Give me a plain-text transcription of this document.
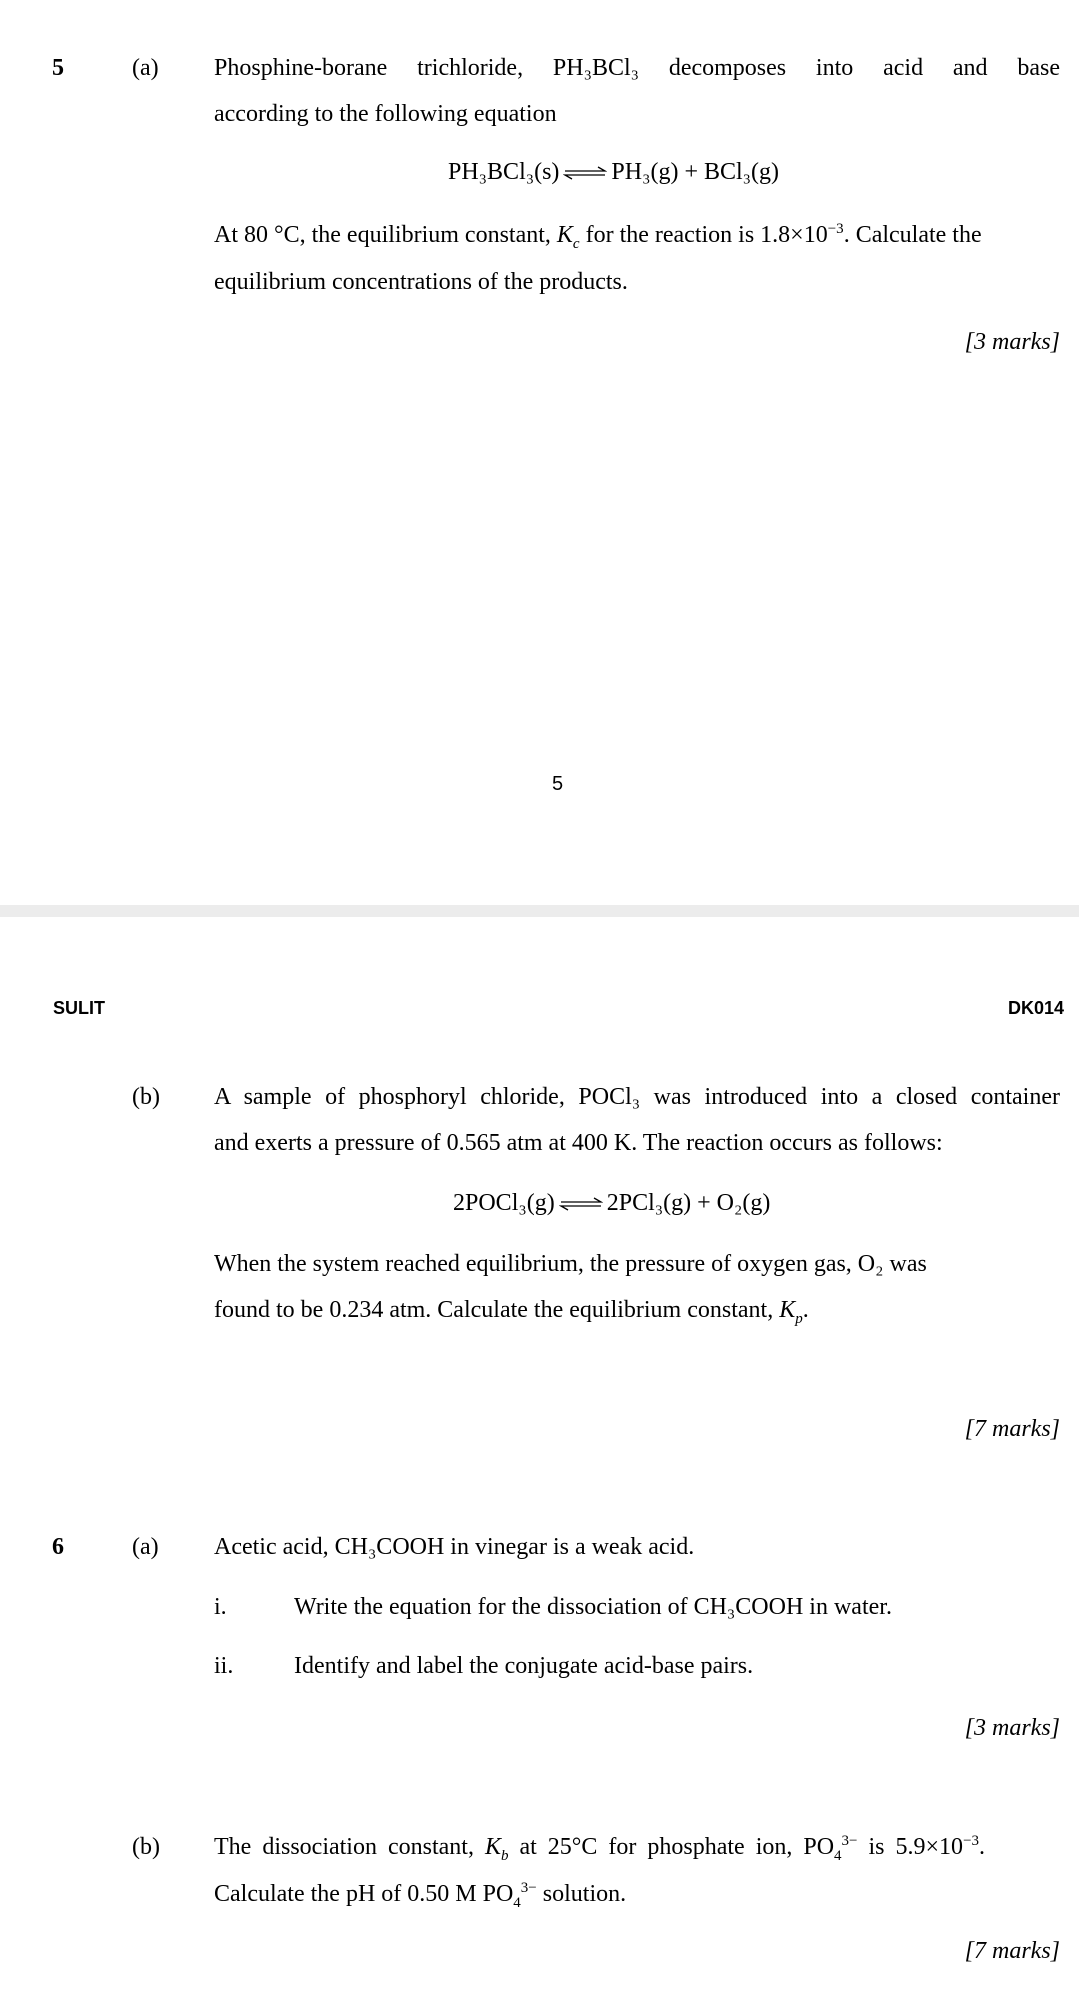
5	(a) Phosphine-borane trichloride, PH₃BCl₃ decomposes into acid and base
according to the following equation
PH₃BCl₃(s) ⇌ PH₃(g) + BCl₃(g)
At 80 °C, the equilibrium constant, $K_c$ for the reaction is $1.8\times 10^{-3}$. Calculate the
equilibrium concentrations of the products.
[3 marks]
5
SULIT	DK014
(b) A sample of phosphoryl chloride, POCl₃ was introduced into a closed container
and exerts a pressure of 0.565 atm at 400 K. The reaction occurs as follows:
2POCl₃(g) ⇌ 2PCl₃(g) + O₂(g)
When the system reached equilibrium, the pressure of oxygen gas, O₂ was
found to be 0.234 atm. Calculate the equilibrium constant, $K_p$.
[7 marks]
6	(a) Acetic acid, CH₃COOH in vinegar is a weak acid.
i.	Write the equation for the dissociation of CH₃COOH in water.
ii.	Identify and label the conjugate acid-base pairs.
[3 marks]
(b) The dissociation constant, $K_b$ at 25°C for phosphate ion, $PO_4^{3-}$ is $5.9\times 10^{-3}$.
Calculate the pH of 0.50 M $PO_4^{3-}$ solution.
[7 marks]
